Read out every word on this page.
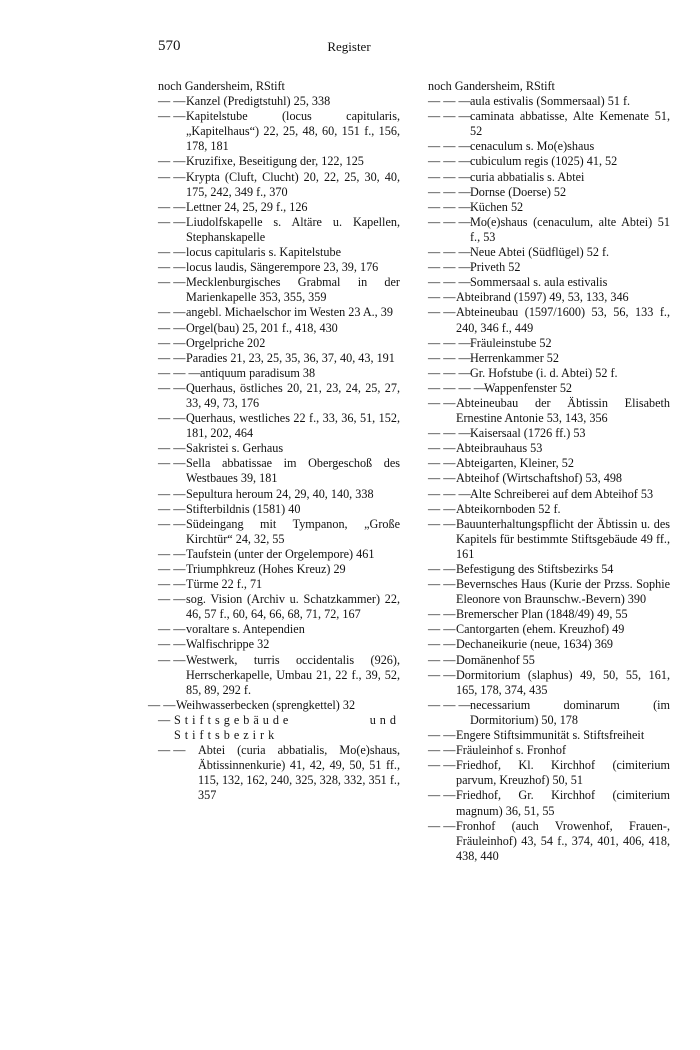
570	Register

noch Gandersheim, RStift

— — Kanzel (Predigtstuhl) 25, 338

— — Kapitelstube (locus capitularis, „Kapitelhaus“) 22, 25, 48, 60, 151 f., 156, 178, 181

— — Kruzifixe, Beseitigung der, 122, 125

— — Krypta (Cluft, Clucht) 20, 22, 25, 30, 40, 175, 242, 349 f., 370

— — Lettner 24, 25, 29 f., 126

— — Liudolfskapelle s. Altäre u. Kapellen, Stephanskapelle

— — locus capitularis s. Kapitelstube

— — locus laudis, Sängerempore 23, 39, 176

— — Mecklenburgisches Grabmal in der Marienkapelle 353, 355, 359

— — angebl. Michaelschor im Westen 23 A., 39

— — Orgel(bau) 25, 201 f., 418, 430

— — Orgelpriche 202

— — Paradies 21, 23, 25, 35, 36, 37, 40, 43, 191

— — — antiquum paradisum 38

— — Querhaus, östliches 20, 21, 23, 24, 25, 27, 33, 49, 73, 176

— — Querhaus, westliches 22 f., 33, 36, 51, 152, 181, 202, 464

— — Sakristei s. Gerhaus

— — Sella abbatissae im Obergeschoß des Westbaues 39, 181

— — Sepultura heroum 24, 29, 40, 140, 338

— — Stifterbildnis (1581) 40

— — Südeingang mit Tympanon, „Große Kirchtür“ 24, 32, 55

— — Taufstein (unter der Orgelempore) 461

— — Triumphkreuz (Hohes Kreuz) 29

— — Türme 22 f., 71

— — sog. Vision (Archiv u. Schatzkammer) 22, 46, 57 f., 60, 64, 66, 68, 71, 72, 167

— — voraltare s. Antependien

— — Walfischrippe 32

— — Westwerk, turris occidentalis (926), Herrscherkapelle, Umbau 21, 22 f., 39, 52, 85, 89, 292 f.

— — Weihwasserbecken (sprengkettel) 32

— Stiftsgebäude und Stiftsbezirk

— — Abtei (curia abbatialis, Mo(e)shaus, Äbtissinnenkurie) 41, 42, 49, 50, 51 ff., 115, 132, 162, 240, 325, 328, 332, 351 f., 357

noch Gandersheim, RStift

— — — aula estivalis (Sommersaal) 51 f.

— — — caminata abbatisse, Alte Kemenate 51, 52

— — — cenaculum s. Mo(e)shaus

— — — cubiculum regis (1025) 41, 52

— — — curia abbatialis s. Abtei

— — — Dornse (Doerse) 52

— — — Küchen 52

— — — Mo(e)shaus (cenaculum, alte Abtei) 51 f., 53

— — — Neue Abtei (Südflügel) 52 f.

— — — Priveth 52

— — — Sommersaal s. aula estivalis

— — Abteibrand (1597) 49, 53, 133, 346

— — Abteineubau (1597/1600) 53, 56, 133 f., 240, 346 f., 449

— — — Fräuleinstube 52

— — — Herrenkammer 52

— — — Gr. Hofstube (i. d. Abtei) 52 f.

— — — —
Wappenfenster 52

— — Abteineubau der Äbtissin Elisabeth Ernestine Antonie 53, 143, 356

— — — Kaisersaal (1726 ff.) 53

— — Abteibrauhaus 53

— — Abteigarten, Kleiner, 52

— — Abteihof (Wirtschaftshof) 53, 498

— — — Alte Schreiberei auf dem Abteihof 53

— — Abteikornboden 52 f.

— — Bauunterhaltungspflicht der Äbtissin u. des Kapitels für bestimmte Stiftsgebäude 49 ff., 161

— — Befestigung des Stiftsbezirks 54

— — Bevernsches Haus (Kurie der Przss. Sophie Eleonore von Braunschw.-Bevern) 390

— — Bremerscher Plan (1848/49) 49, 55

— — Cantorgarten (ehem. Kreuzhof) 49

— — Dechaneikurie (neue, 1634) 369

— — Domänenhof 55

— — Dormitorium (slaphus) 49, 50, 55, 161, 165, 178, 374, 435

— — — necessarium dominarum (im Dormitorium) 50, 178

— — Engere Stiftsimmunität s. Stiftsfreiheit

— — Fräuleinhof s. Fronhof

— — Friedhof, Kl. Kirchhof (cimiterium parvum, Kreuzhof) 50, 51

— — Friedhof, Gr. Kirchhof (cimiterium magnum) 36, 51, 55

— — Fronhof (auch Vrowenhof, Frauen-, Fräuleinhof) 43, 54 f., 374, 401, 406, 418, 438, 440
